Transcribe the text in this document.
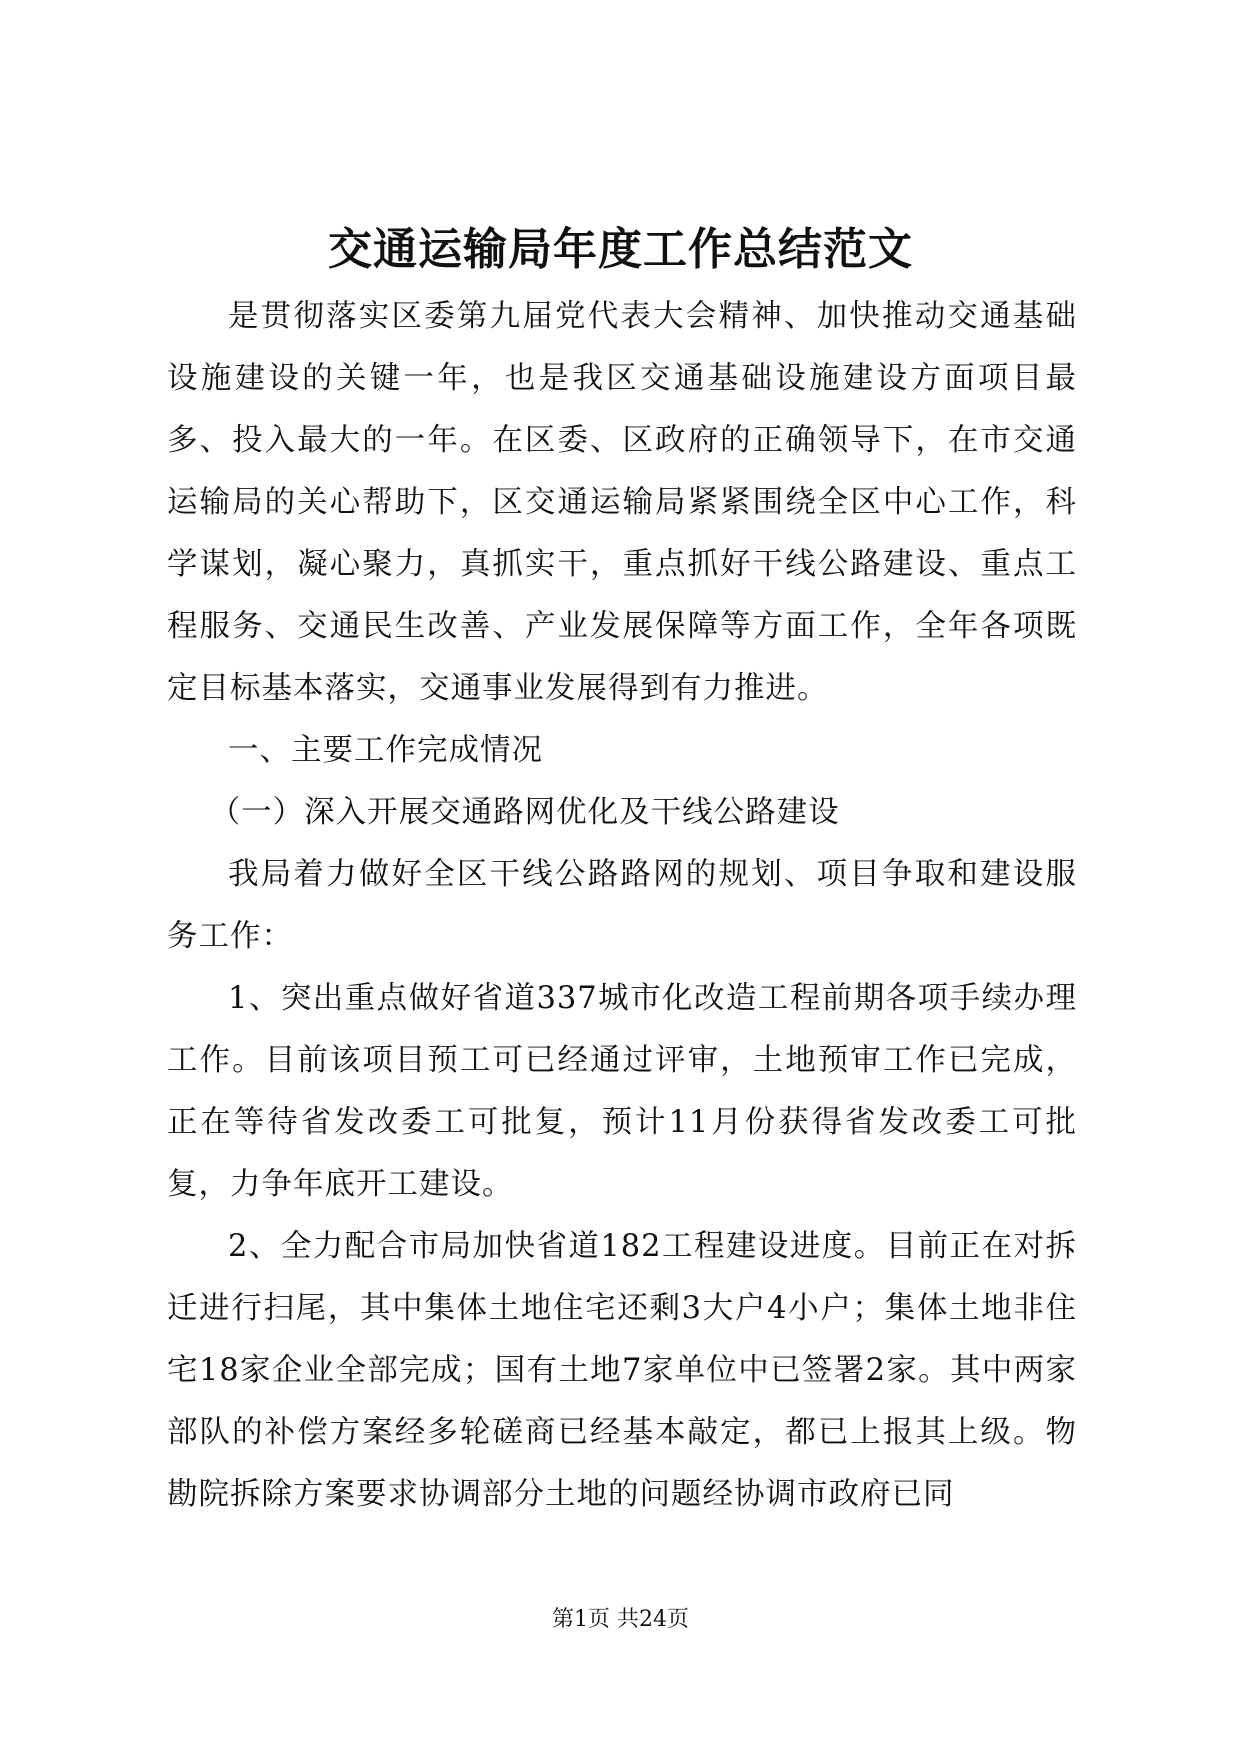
交通运输局年度工作总结范文

是贯彻落实区委第九届党代表大会精神、加快推动交通基础设施建设的关键一年，也是我区交通基础设施建设方面项目最多、投入最大的一年。在区委、区政府的正确领导下，在市交通运输局的关心帮助下，区交通运输局紧紧围绕全区中心工作，科学谋划，凝心聚力，真抓实干，重点抓好干线公路建设、重点工程服务、交通民生改善、产业发展保障等方面工作，全年各项既定目标基本落实，交通事业发展得到有力推进。

一、主要工作完成情况

（一）深入开展交通路网优化及干线公路建设

我局着力做好全区干线公路路网的规划、项目争取和建设服务工作：

1、突出重点做好省道337城市化改造工程前期各项手续办理工作。目前该项目预工可已经通过评审，土地预审工作已完成，正在等待省发改委工可批复，预计11月份获得省发改委工可批复，力争年底开工建设。

2、全力配合市局加快省道182工程建设进度。目前正在对拆迁进行扫尾，其中集体土地住宅还剩3大户4小户；集体土地非住宅18家企业全部完成；国有土地7家单位中已签署2家。其中两家部队的补偿方案经多轮磋商已经基本敲定，都已上报其上级。物勘院拆除方案要求协调部分土地的问题经协调市政府已同

第1页 共24页
